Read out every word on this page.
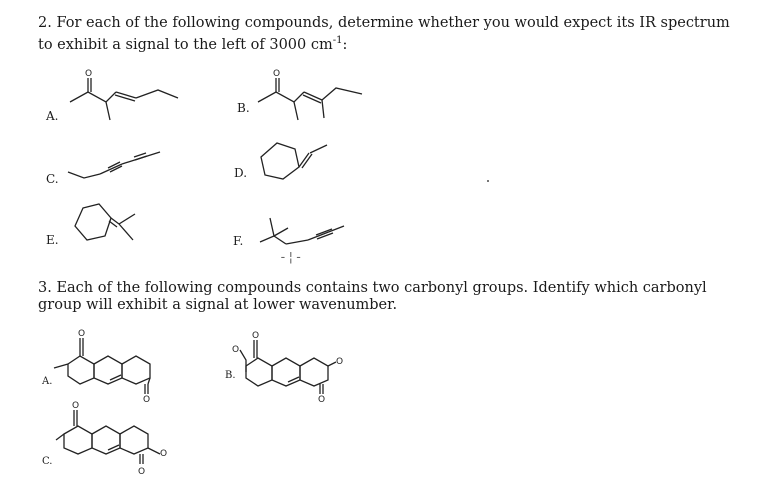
2. For each of the following compounds, determine whether you would expect its IR spectrum to exhibit a signal to the left of 3000 $cm^{-1}$:
A.
O
B.
O
C.	D.
E.	F.
-¦-
3. Each of the following compounds contains two carbonyl groups. Identify which carbonyl group will exhibit a signal at lower wavenumber.
A.
O
O
B.
O
O
O
O
C.
O
O
O
